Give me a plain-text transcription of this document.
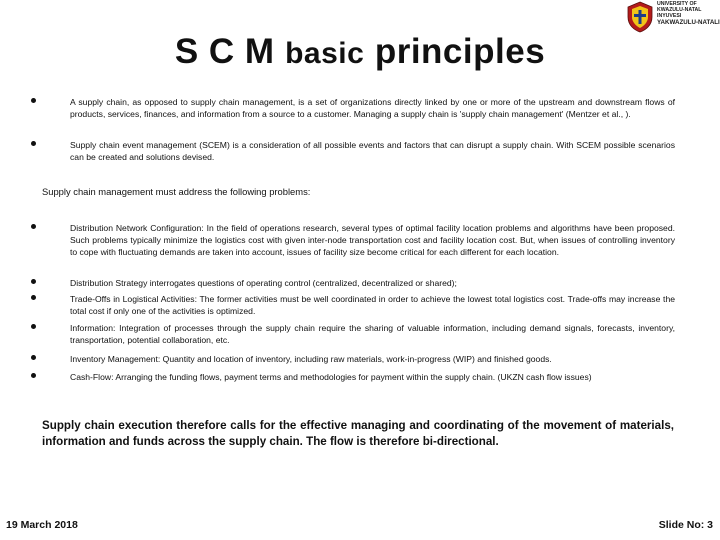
UNIVERSITY OF
KWAZULU-NATAL
INYUVESI
YAKWAZULU-NATALI
S C M basic principles
A supply chain, as opposed to supply chain management, is a set of organizations directly linked by one or more of the upstream and downstream flows of products, services, finances, and information from a source to a customer. Managing a supply chain is 'supply chain management' (Mentzer et al., ).
Supply chain event management (SCEM) is a consideration of all possible events and factors that can disrupt a supply chain. With SCEM possible scenarios can be created and solutions devised.
Supply chain management must address the following problems:
Distribution Network Configuration: In the field of operations research, several types of optimal facility location problems and algorithms have been proposed. Such problems typically minimize the logistics cost with given inter-node transportation cost and facility location cost. But, when issues of controlling inventory to cope with fluctuating demands are taken into account, issues of facility size become critical for each different for each location.
Distribution Strategy interrogates questions of operating control (centralized, decentralized or shared);
Trade-Offs in Logistical Activities: The former activities must be well coordinated in order to achieve the lowest total logistics cost. Trade-offs may increase the total cost if only one of the activities is optimized.
Information: Integration of processes through the supply chain require the sharing of valuable information, including demand signals, forecasts, inventory, transportation, potential collaboration, etc.
Inventory Management: Quantity and location of inventory, including raw materials, work-in-progress (WIP) and finished goods.
Cash-Flow: Arranging the funding flows, payment terms and methodologies for payment within the supply chain. (UKZN cash flow issues)
Supply chain execution therefore calls for the effective managing and coordinating of the movement of materials, information and funds across the supply chain. The flow is therefore bi-directional.
19 March 2018	Slide No: 3
